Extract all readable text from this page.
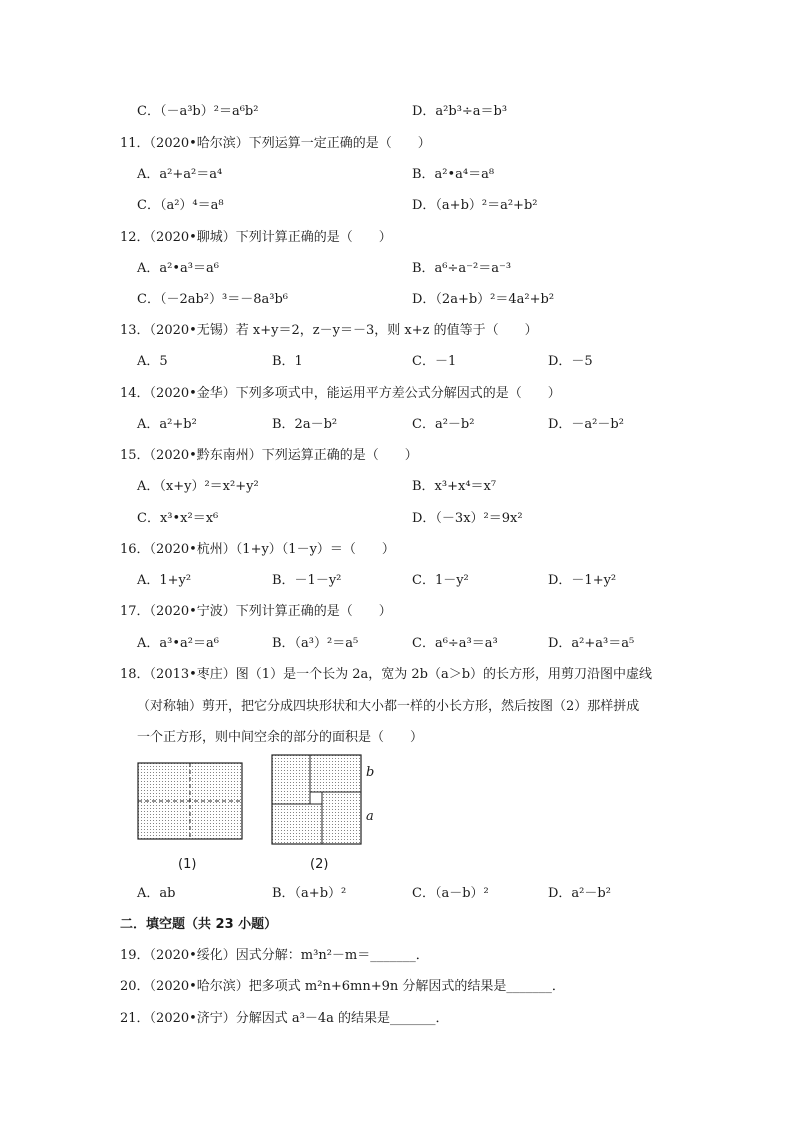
C．（－a³b）²＝a⁶b²	D．a²b³÷a＝b³
11．（2020•哈尔滨）下列运算一定正确的是（　　）
A．a²+a²＝a⁴	B．a²•a⁴＝a⁸
C．（a²）⁴＝a⁸	D．（a+b）²＝a²+b²
12．（2020•聊城）下列计算正确的是（　　）
A．a²•a³＝a⁶	B．a⁶÷a⁻²＝a⁻³
C．（－2ab²）³＝－8a³b⁶	D．（2a+b）²＝4a²+b²
13．（2020•无锡）若 x+y＝2，z－y＝－3，则 x+z 的值等于（　　）
A．5	B．1	C．－1	D．－5
14．（2020•金华）下列多项式中，能运用平方差公式分解因式的是（　　）
A．a²+b²	B．2a－b²	C．a²－b²	D．－a²－b²
15．（2020•黔东南州）下列运算正确的是（　　）
A．（x+y）²＝x²+y²	B．x³+x⁴＝x⁷
C．x³•x²＝x⁶	D．（－3x）²＝9x²
16．（2020•杭州）（1+y）（1－y）＝（　　）
A．1+y²	B．－1－y²	C．1－y²	D．－1+y²
17．（2020•宁波）下列计算正确的是（　　）
A．a³•a²＝a⁶	B．（a³）²＝a⁵	C．a⁶÷a³＝a³	D．a²+a³＝a⁵
18．（2013•枣庄）图（1）是一个长为 2a，宽为 2b（a＞b）的长方形，用剪刀沿图中虚线
（对称轴）剪开，把它分成四块形状和大小都一样的小长方形，然后按图（2）那样拼成
一个正方形，则中间空余的部分的面积是（　　）
(1)
b
a
(2)
A．ab	B．（a+b）²	C．（a－b）²	D．a²－b²
二．填空题（共 23 小题）
19．（2020•绥化）因式分解：m³n²－m＝_______．
20．（2020•哈尔滨）把多项式 m²n+6mn+9n 分解因式的结果是_______．
21．（2020•济宁）分解因式 a³－4a 的结果是_______．
